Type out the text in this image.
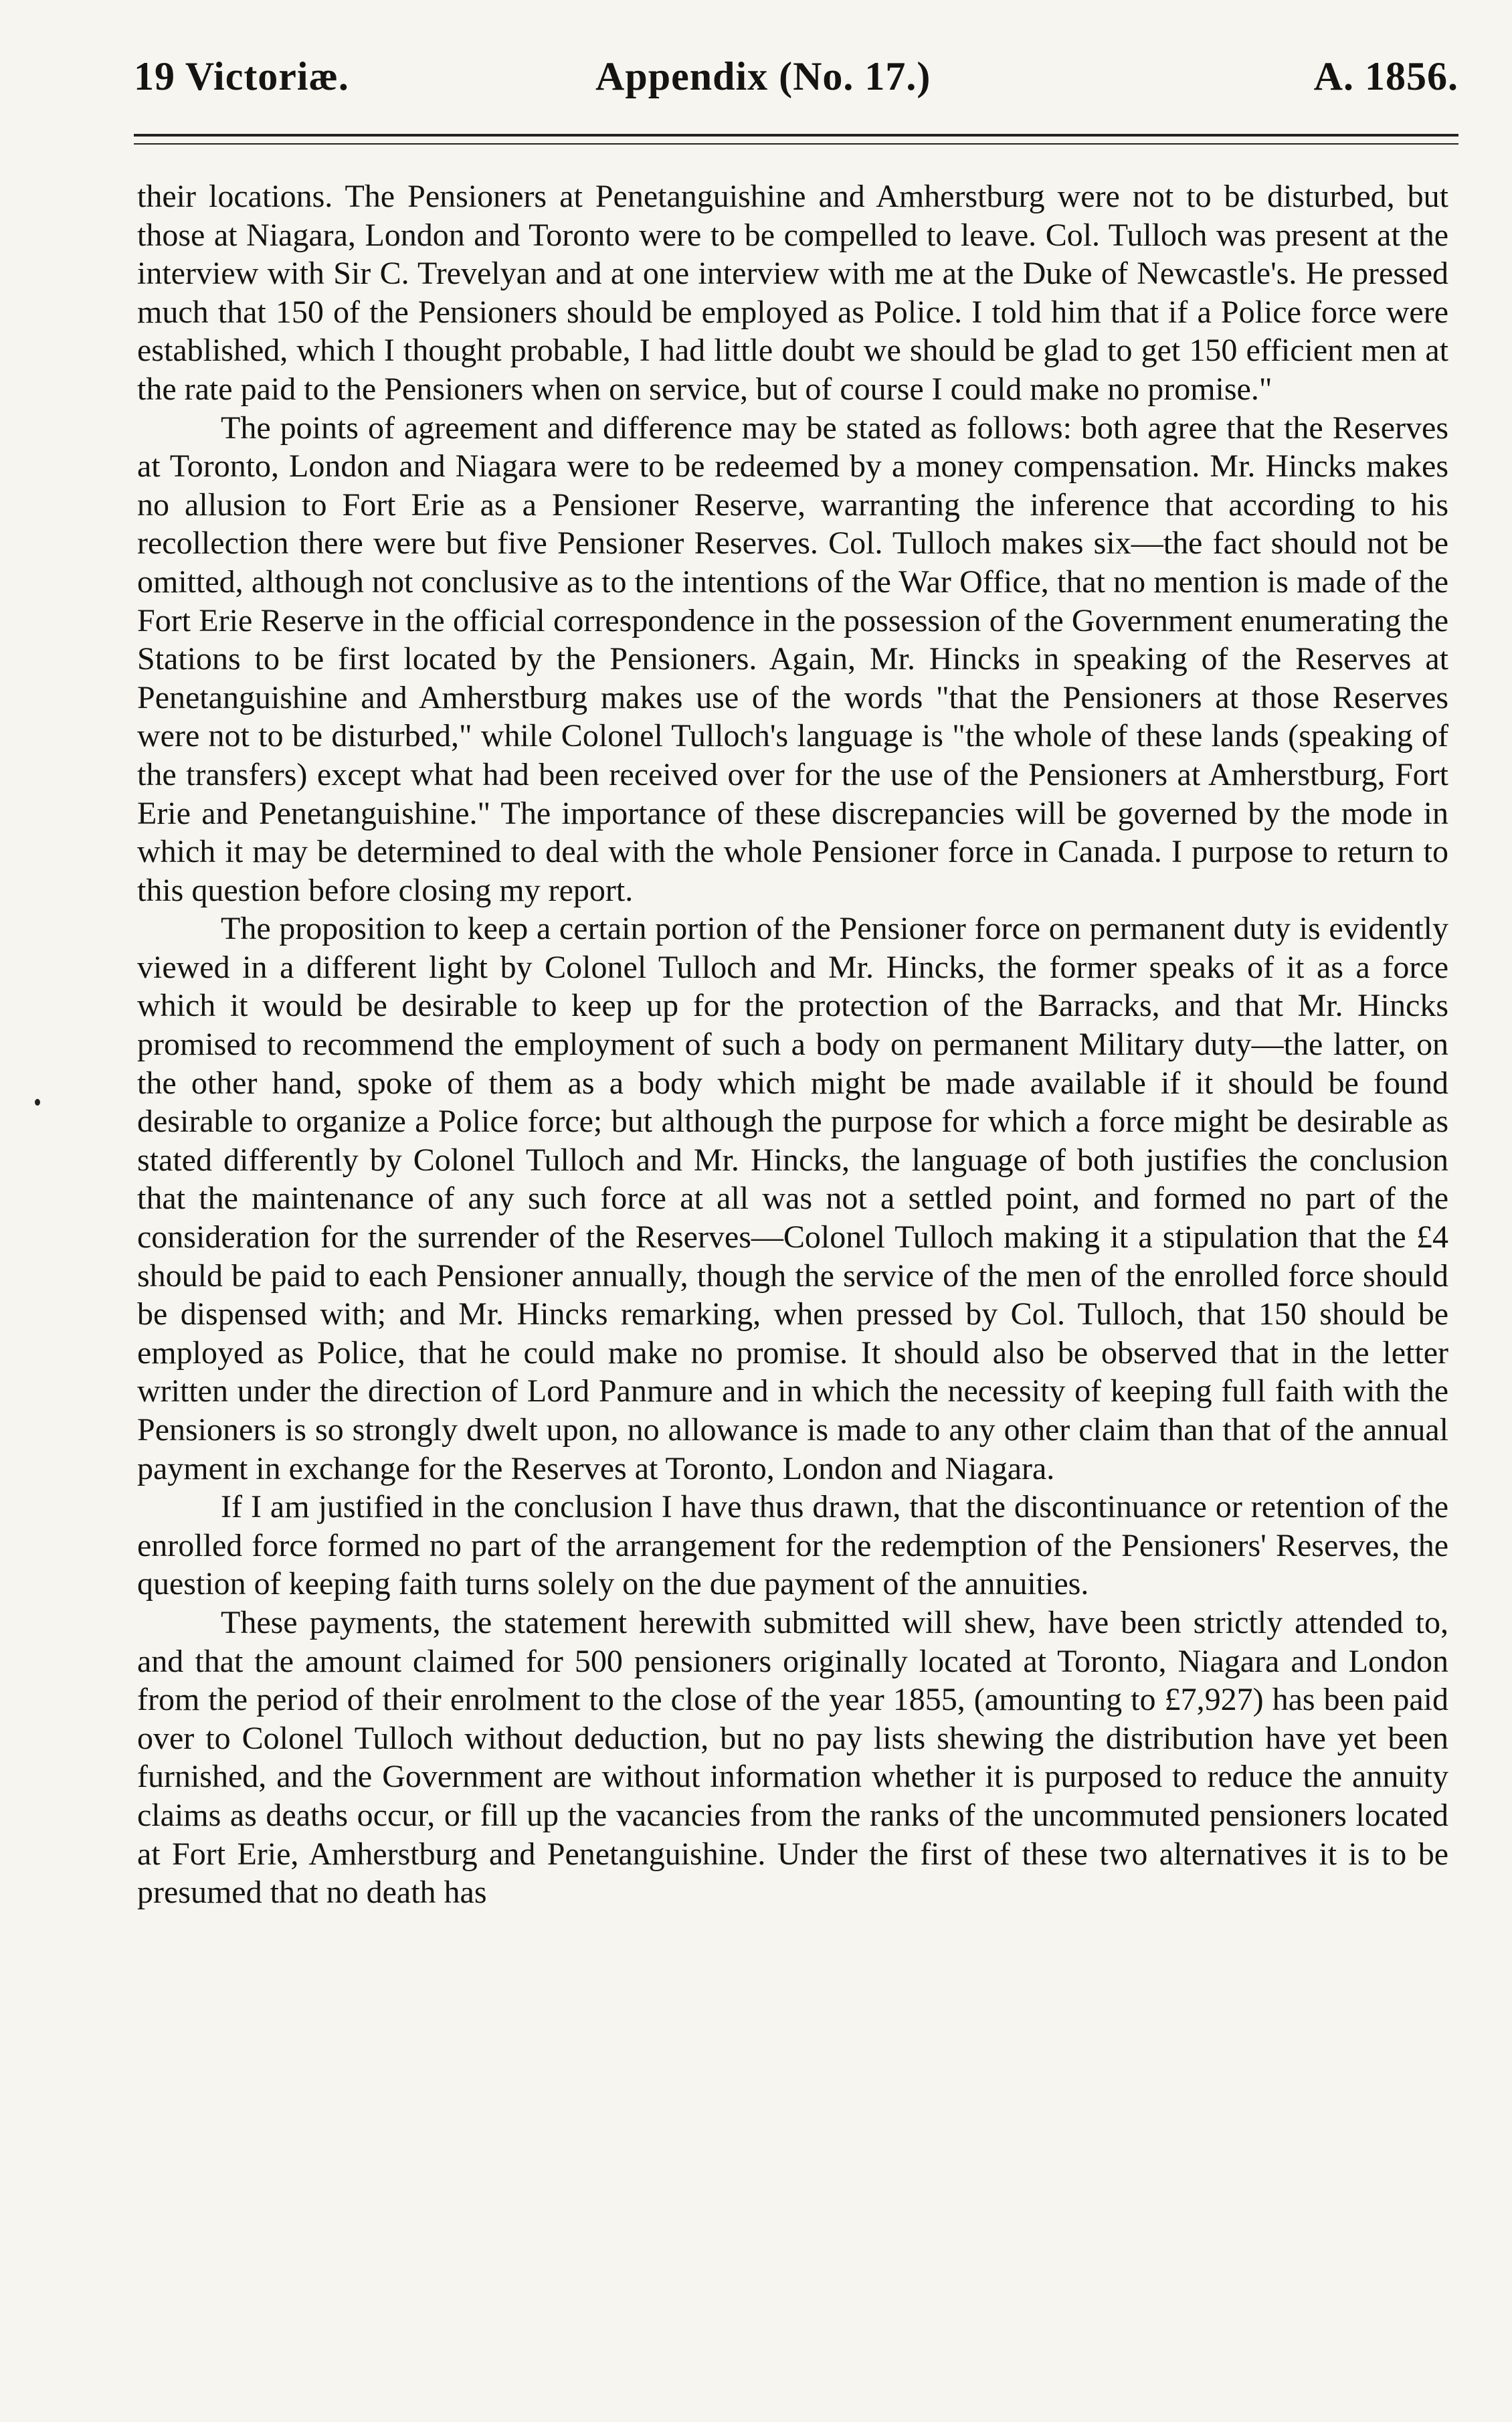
19 Victoriæ.	Appendix (No. 17.)	A. 1856.

their locations. The Pensioners at Penetanguishine and Amherstburg were not to be disturbed, but those at Niagara, London and Toronto were to be compelled to leave. Col. Tulloch was present at the interview with Sir C. Trevelyan and at one interview with me at the Duke of Newcastle's. He pressed much that 150 of the Pensioners should be employed as Police. I told him that if a Police force were established, which I thought probable, I had little doubt we should be glad to get 150 efficient men at the rate paid to the Pensioners when on service, but of course I could make no promise."

The points of agreement and difference may be stated as follows: both agree that the Reserves at Toronto, London and Niagara were to be redeemed by a money compensation. Mr. Hincks makes no allusion to Fort Erie as a Pensioner Reserve, warranting the inference that according to his recollection there were but five Pensioner Reserves. Col. Tulloch makes six—the fact should not be omitted, although not conclusive as to the intentions of the War Office, that no mention is made of the Fort Erie Reserve in the official correspondence in the possession of the Government enumerating the Stations to be first located by the Pensioners. Again, Mr. Hincks in speaking of the Reserves at Penetanguishine and Amherstburg makes use of the words "that the Pensioners at those Reserves were not to be disturbed," while Colonel Tulloch's language is "the whole of these lands (speaking of the transfers) except what had been received over for the use of the Pensioners at Amherstburg, Fort Erie and Penetanguishine." The importance of these discrepancies will be governed by the mode in which it may be determined to deal with the whole Pensioner force in Canada. I purpose to return to this question before closing my report.

The proposition to keep a certain portion of the Pensioner force on permanent duty is evidently viewed in a different light by Colonel Tulloch and Mr. Hincks, the former speaks of it as a force which it would be desirable to keep up for the protection of the Barracks, and that Mr. Hincks promised to recommend the employment of such a body on permanent Military duty—the latter, on the other hand, spoke of them as a body which might be made available if it should be found desirable to organize a Police force; but although the purpose for which a force might be desirable as stated differently by Colonel Tulloch and Mr. Hincks, the language of both justifies the conclusion that the maintenance of any such force at all was not a settled point, and formed no part of the consideration for the surrender of the Reserves—Colonel Tulloch making it a stipulation that the £4 should be paid to each Pensioner annually, though the service of the men of the enrolled force should be dispensed with; and Mr. Hincks remarking, when pressed by Col. Tulloch, that 150 should be employed as Police, that he could make no promise. It should also be observed that in the letter written under the direction of Lord Panmure and in which the necessity of keeping full faith with the Pensioners is so strongly dwelt upon, no allowance is made to any other claim than that of the annual payment in exchange for the Reserves at Toronto, London and Niagara.

If I am justified in the conclusion I have thus drawn, that the discontinuance or retention of the enrolled force formed no part of the arrangement for the redemption of the Pensioners' Reserves, the question of keeping faith turns solely on the due payment of the annuities.

These payments, the statement herewith submitted will shew, have been strictly attended to, and that the amount claimed for 500 pensioners originally located at Toronto, Niagara and London from the period of their enrolment to the close of the year 1855, (amounting to £7,927) has been paid over to Colonel Tulloch without deduction, but no pay lists shewing the distribution have yet been furnished, and the Government are without information whether it is purposed to reduce the annuity claims as deaths occur, or fill up the vacancies from the ranks of the uncommuted pensioners located at Fort Erie, Amherstburg and Penetanguishine. Under the first of these two alternatives it is to be presumed that no death has
